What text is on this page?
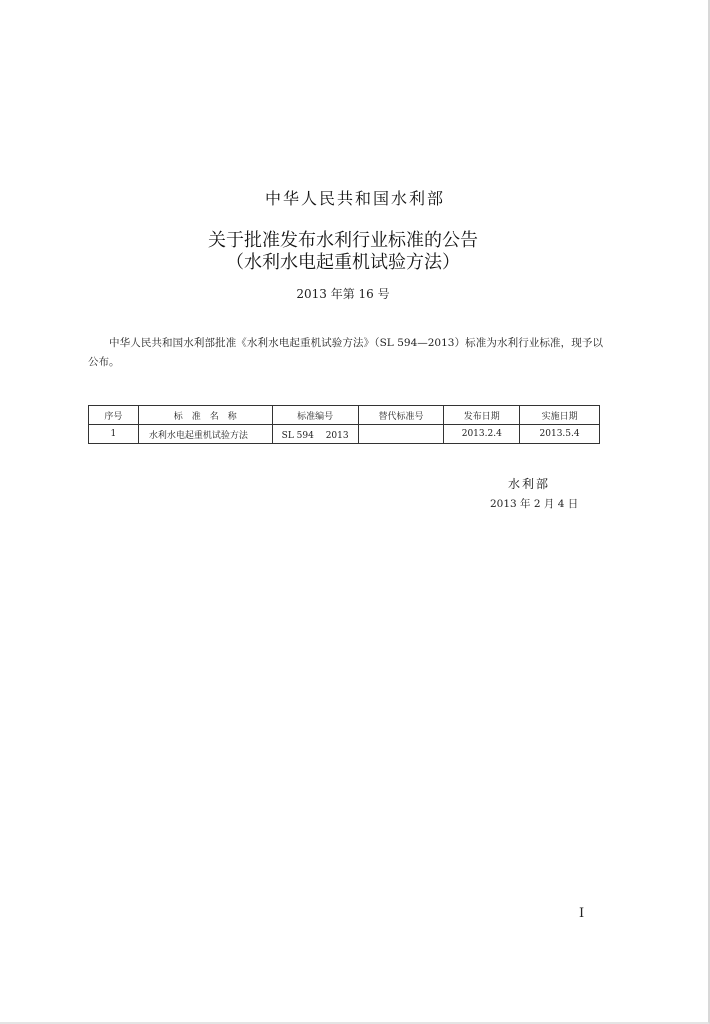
中华人民共和国水利部
关于批准发布水利行业标准的公告
（水利水电起重机试验方法）
2013 年第 16 号
中华人民共和国水利部批准《水利水电起重机试验方法》（SL 594—2013）标准为水利行业标准，现予以公布。
序号	标　准　名　称	标准编号	替代标准号	发布日期	实施日期
1	水利水电起重机试验方法	SL 594 　2013		2013.2.4	2013.5.4
水利部
2013 年 2 月 4 日
I
